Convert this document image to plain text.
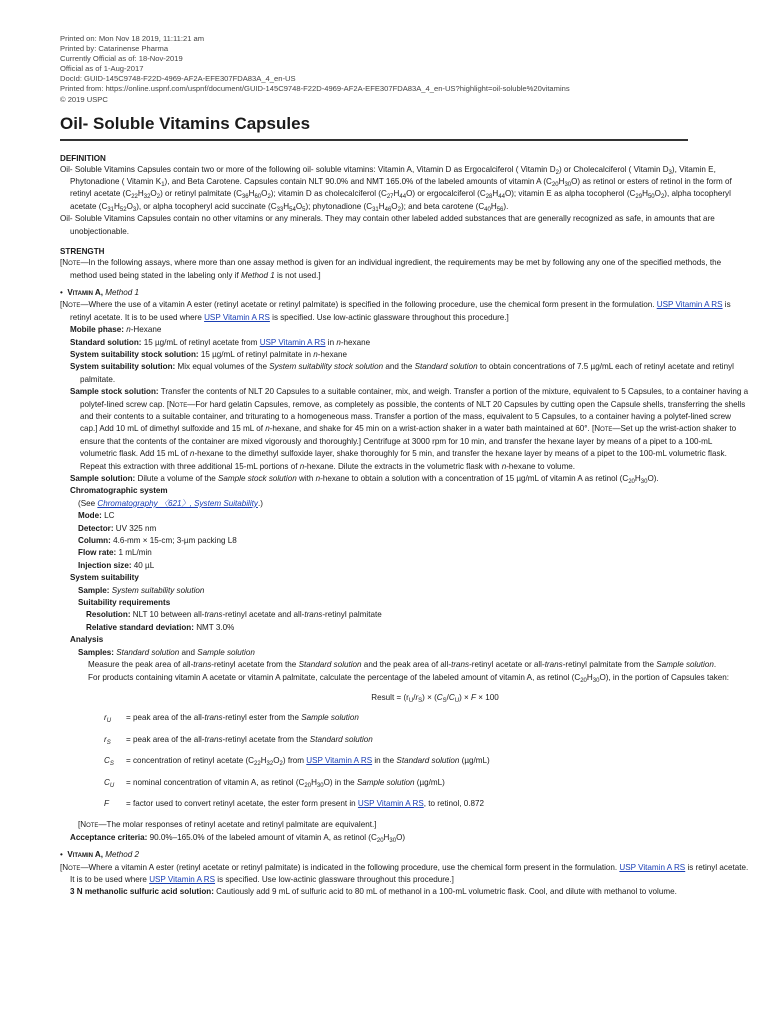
Printed on: Mon Nov 18 2019, 11:11:21 am
Printed by: Catarinense Pharma
Currently Official as of: 18-Nov-2019
Official as of 1-Aug-2017
DocId: GUID-145C9748-F22D-4969-AF2A-EFE307FDA83A_4_en-US
Printed from: https://online.uspnf.com/uspnf/document/GUID-145C9748-F22D-4969-AF2A-EFE307FDA83A_4_en-US?highlight=oil-soluble%20vitamins
© 2019 USPC
Oil- Soluble Vitamins Capsules
DEFINITION

Oil- Soluble Vitamins Capsules contain two or more of the following oil- soluble vitamins: Vitamin A, Vitamin D as Ergocalciferol ( Vitamin $D_2$) or Cholecalciferol ( Vitamin $D_3$), Vitamin E, Phytonadione ( Vitamin $K_1$), and Beta Carotene. Capsules contain NLT 90.0% and NMT 165.0% of the labeled amounts of vitamin A $(C_{20}H_{30}O)$ as retinol or esters of retinol in the form of retinyl acetate $(C_{22}H_{32}O_2)$ or retinyl palmitate $(C_{36}H_{60}O_2)$; vitamin D as cholecalciferol $(C_{27}H_{44}O)$ or ergocalciferol $(C_{28}H_{44}O)$; vitamin E as alpha tocopherol $(C_{29}H_{50}O_2)$, alpha tocopheryl acetate $(C_{31}H_{52}O_3)$, or alpha tocopheryl acid succinate $(C_{33}H_{54}O_5)$; phytonadione $(C_{31}H_{46}O_2)$; and beta carotene $(C_{40}H_{56})$.

Oil- Soluble Vitamins Capsules contain no other vitamins or any minerals. They may contain other labeled added substances that are generally recognized as safe, in amounts that are unobjectionable.

STRENGTH

[Note—In the following assays, where more than one assay method is given for an individual ingredient, the requirements may be met by following any one of the specified methods, the method used being stated in the labeling only if Method 1 is not used.]

• Vitamin A, Method 1

[Note—Where the use of a vitamin A ester (retinyl acetate or retinyl palmitate) is specified in the following procedure, use the chemical form present in the formulation. USP Vitamin A RS is retinyl acetate. It is to be used where USP Vitamin A RS is specified. Use low-actinic glassware throughout this procedure.]

Mobile phase: n-Hexane

Standard solution: 15 µg/mL of retinyl acetate from USP Vitamin A RS in n-hexane

System suitability stock solution: 15 µg/mL of retinyl palmitate in n-hexane

System suitability solution: Mix equal volumes of the System suitability stock solution and the Standard solution to obtain concentrations of 7.5 µg/mL each of retinyl acetate and retinyl palmitate.

Sample stock solution: Transfer the contents of NLT 20 Capsules to a suitable container, mix, and weigh. Transfer a portion of the mixture, equivalent to 5 Capsules, to a container having a polytef-lined screw cap. [Note—For hard gelatin Capsules, remove, as completely as possible, the contents of NLT 20 Capsules by cutting open the Capsule shells, transferring the shells and their contents to a suitable container, and triturating to a homogeneous mass. Transfer a portion of the mass, equivalent to 5 Capsules, to a container having a polytef-lined screw cap.] Add 10 mL of dimethyl sulfoxide and 15 mL of n-hexane, and shake for 45 min on a wrist-action shaker in a water bath maintained at 60°. [Note—Set up the wrist-action shaker to ensure that the contents of the container are mixed vigorously and thoroughly.] Centrifuge at 3000 rpm for 10 min, and transfer the hexane layer by means of a pipet to a 100-mL volumetric flask. Add 15 mL of n-hexane to the dimethyl sulfoxide layer, shake thoroughly for 5 min, and transfer the hexane layer by means of a pipet to the 100-mL volumetric flask. Repeat this extraction with three additional 15-mL portions of n-hexane. Dilute the extracts in the volumetric flask with n-hexane to volume.

Sample solution: Dilute a volume of the Sample stock solution with n-hexane to obtain a solution with a concentration of 15 µg/mL of vitamin A as retinol $(C_{20}H_{30}O)$.

Chromatographic system

(See Chromatography 〈621〉, System Suitability.)

Mode: LC

Detector: UV 325 nm

Column: 4.6-mm × 15-cm; 3-µm packing L8

Flow rate: 1 mL/min

Injection size: 40 µL

System suitability

Sample: System suitability solution

Suitability requirements

Resolution: NLT 10 between all-trans-retinyl acetate and all-trans-retinyl palmitate

Relative standard deviation: NMT 3.0%

Analysis

Samples: Standard solution and Sample solution

Measure the peak area of all-trans-retinyl acetate from the Standard solution and the peak area of all-trans-retinyl acetate or all-trans-retinyl palmitate from the Sample solution.

For products containing vitamin A acetate or vitamin A palmitate, calculate the percentage of the labeled amount of vitamin A, as retinol $(C_{20}H_{30}O)$, in the portion of Capsules taken:

Result = $(r_U/r_S) \times (C_S/C_U) \times F \times 100$

$r_U$	= peak area of the all-trans-retinyl ester from the Sample solution
$r_S$	= peak area of the all-trans-retinyl acetate from the Standard solution
$C_S$	= concentration of retinyl acetate $(C_{22}H_{32}O_2)$ from USP Vitamin A RS in the Standard solution (µg/mL)
$C_U$	= nominal concentration of vitamin A, as retinol $(C_{20}H_{30}O)$ in the Sample solution (µg/mL)
F	= factor used to convert retinyl acetate, the ester form present in USP Vitamin A RS, to retinol, 0.872

[Note—The molar responses of retinyl acetate and retinyl palmitate are equivalent.]

Acceptance criteria: 90.0%–165.0% of the labeled amount of vitamin A, as retinol $(C_{20}H_{30}O)$

• Vitamin A, Method 2

[Note—Where a vitamin A ester (retinyl acetate or retinyl palmitate) is indicated in the following procedure, use the chemical form present in the formulation. USP Vitamin A RS is retinyl acetate. It is to be used where USP Vitamin A RS is specified. Use low-actinic glassware throughout this procedure.]

3 N methanolic sulfuric acid solution: Cautiously add 9 mL of sulfuric acid to 80 mL of methanol in a 100-mL volumetric flask. Cool, and dilute with methanol to volume.
